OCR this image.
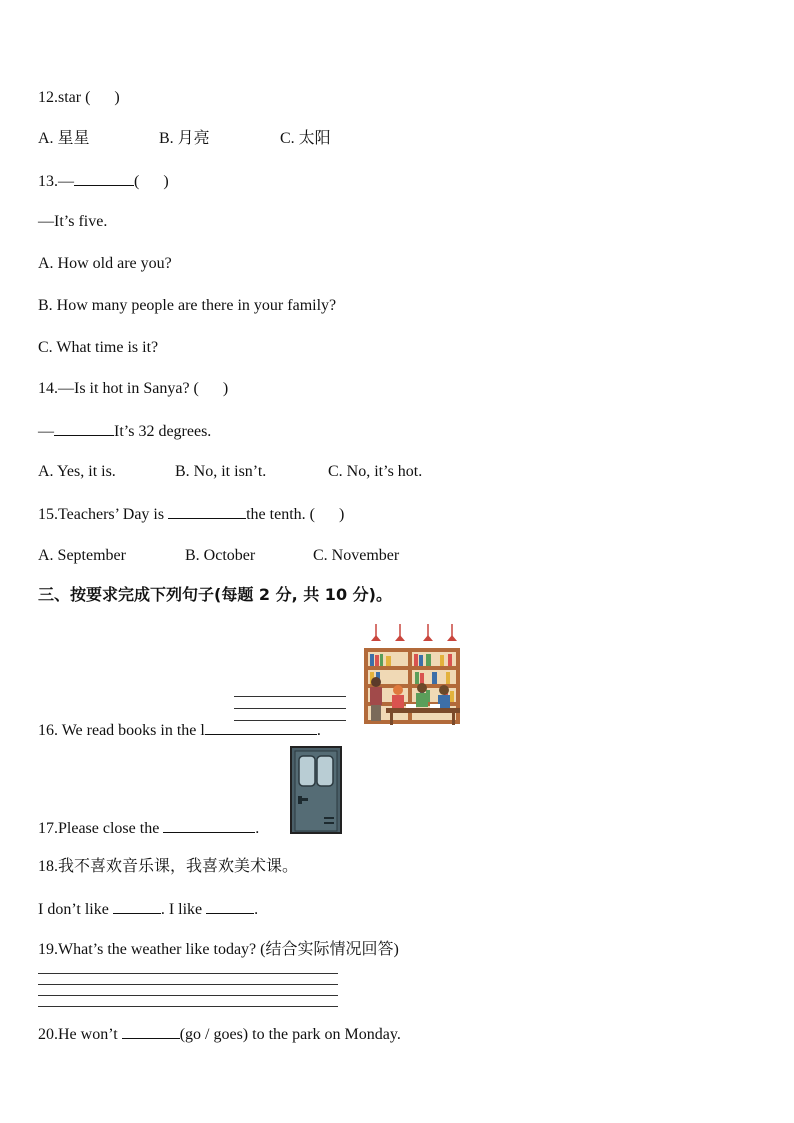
12.star (      )
A. 星星	B. 月亮	C. 太阳
13.—	(      )
—It’s five.
A. How old are you?
B. How many people are there in your family?
C. What time is it?
14.—Is it hot in Sanya? (      )
—	It’s 32 degrees.
A. Yes, it is.	B. No, it isn’t.	C. No, it’s hot.
15.Teachers’ Day is	the tenth. (      )
A. September	B. October	C. November
三、按要求完成下列句子(每题 2 分, 共 10 分)。
16. We read books in the l	.
17.Please close the	.
18.我不喜欢音乐课，我喜欢美术课。
I don’t like	. I like	.
19.What’s the weather like today? (结合实际情况回答)
20.He won’t	(go / goes) to the park on Monday.
